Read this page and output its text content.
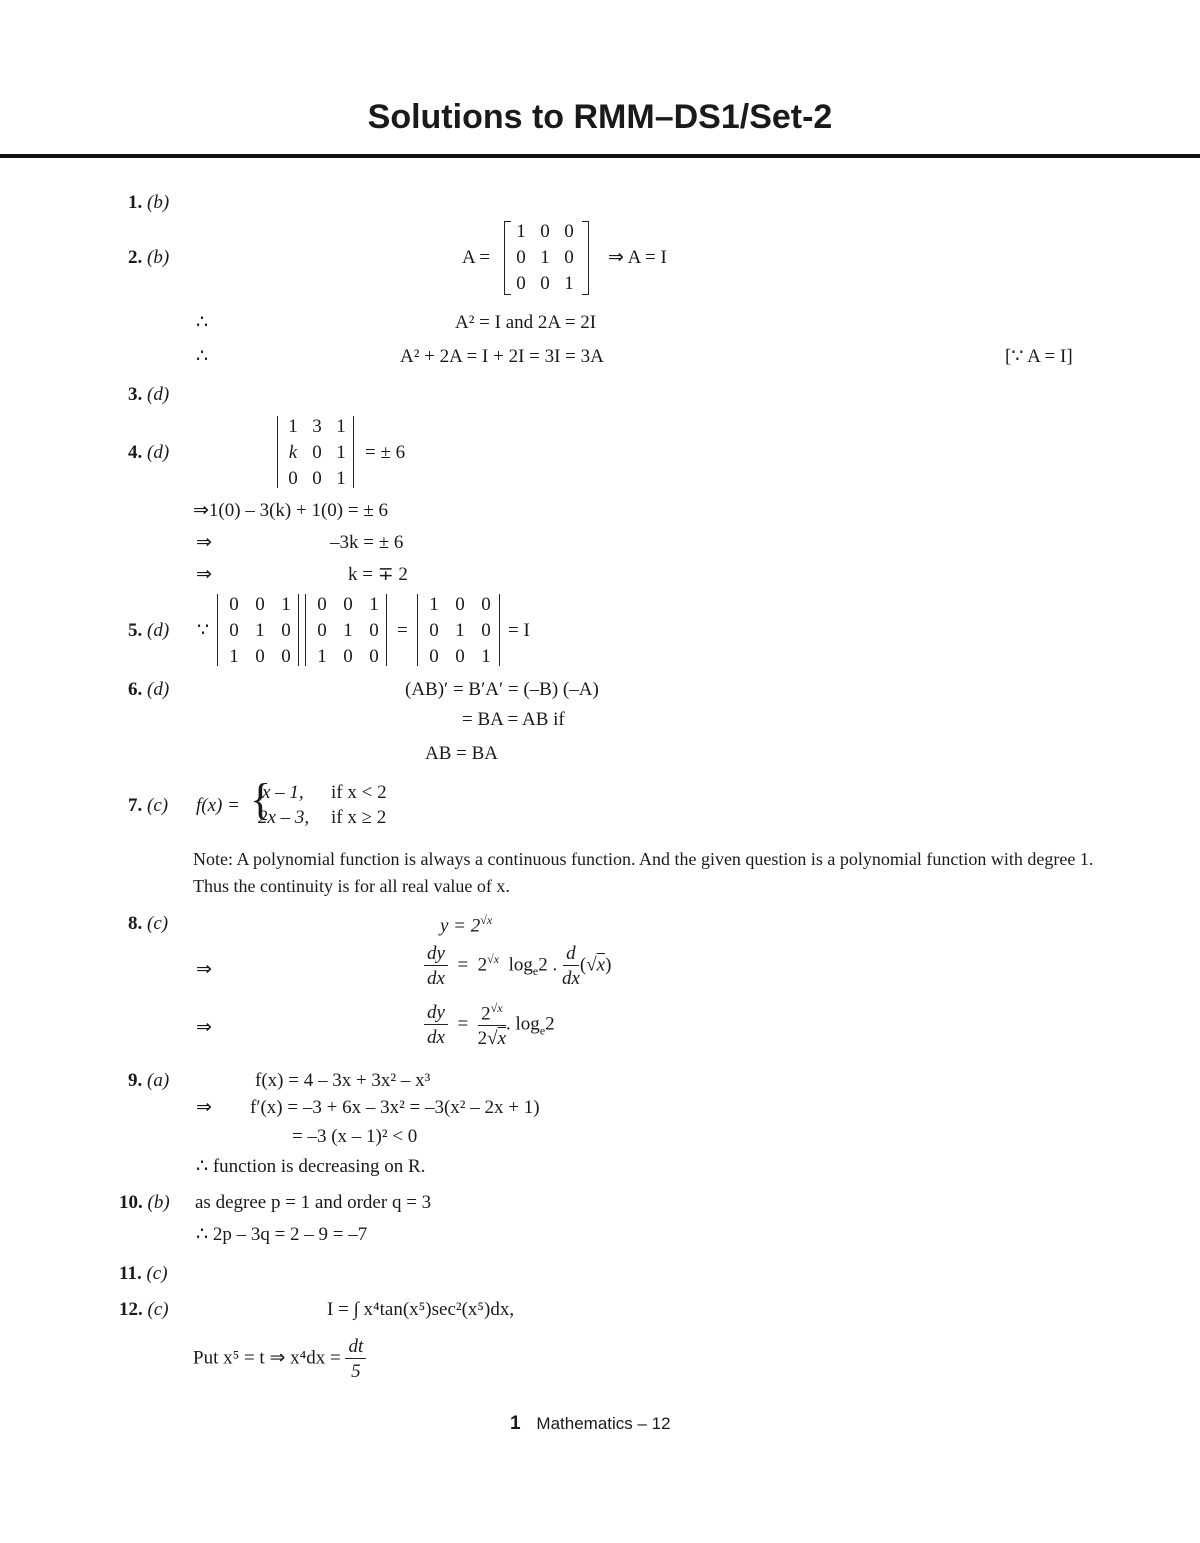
Solutions to RMM–DS1/Set-2
1. (b)
2. (b)	A =
1 0 0
0 1 0
0 0 1
⇒ A = I
∴	A² = I and 2A = 2I
∴	A² + 2A = I + 2I = 3I = 3A	[∵ A = I]
3. (d)
4. (d)
1 3 1
k 0 1
0 0 1
= ± 6
⇒1(0) – 3(k) + 1(0) = ± 6
⇒	–3k = ± 6
⇒	k = ∓ 2
5. (d) ∵
0 0 1
0 1 0
1 0 0
0 0 1
0 1 0
1 0 0
=
1 0 0
0 1 0
0 0 1
= I
6. (d)	(AB)′ = B′A′ = (–B) (–A)
= BA = AB if
AB = BA
7. (c) f(x) = {
x – 1, if x < 2
2x – 3, if x ≥ 2
Note: A polynomial function is always a continuous function. And the given question is a polynomial function with degree 1. Thus the continuity is for all real value of x.
8. (c)	$y = 2^{√x}$
⇒	$\frac{dy}{dx} = 2^{√x}$ $\log_e2$ . $\frac{d}{dx} (√x)$
⇒	$\frac{dy}{dx} = \frac{2^{√x}}{2√x}$ . $\log_e2$
9. (a)	f(x) = 4 – 3x + 3x² – x³
⇒ f′(x) = –3 + 6x – 3x² = –3(x² – 2x + 1)
= –3 (x – 1)² < 0
∴ function is decreasing on R.
10. (b) as degree p = 1 and order q = 3
∴ 2p – 3q = 2 – 9 = –7
11. (c)
12. (c)	I = ∫ x⁴tan(x⁵)sec²(x⁵)dx,
Put x⁵ = t ⇒ $x^4dx = \frac{dt}{5}$
1 Mathematics – 12
